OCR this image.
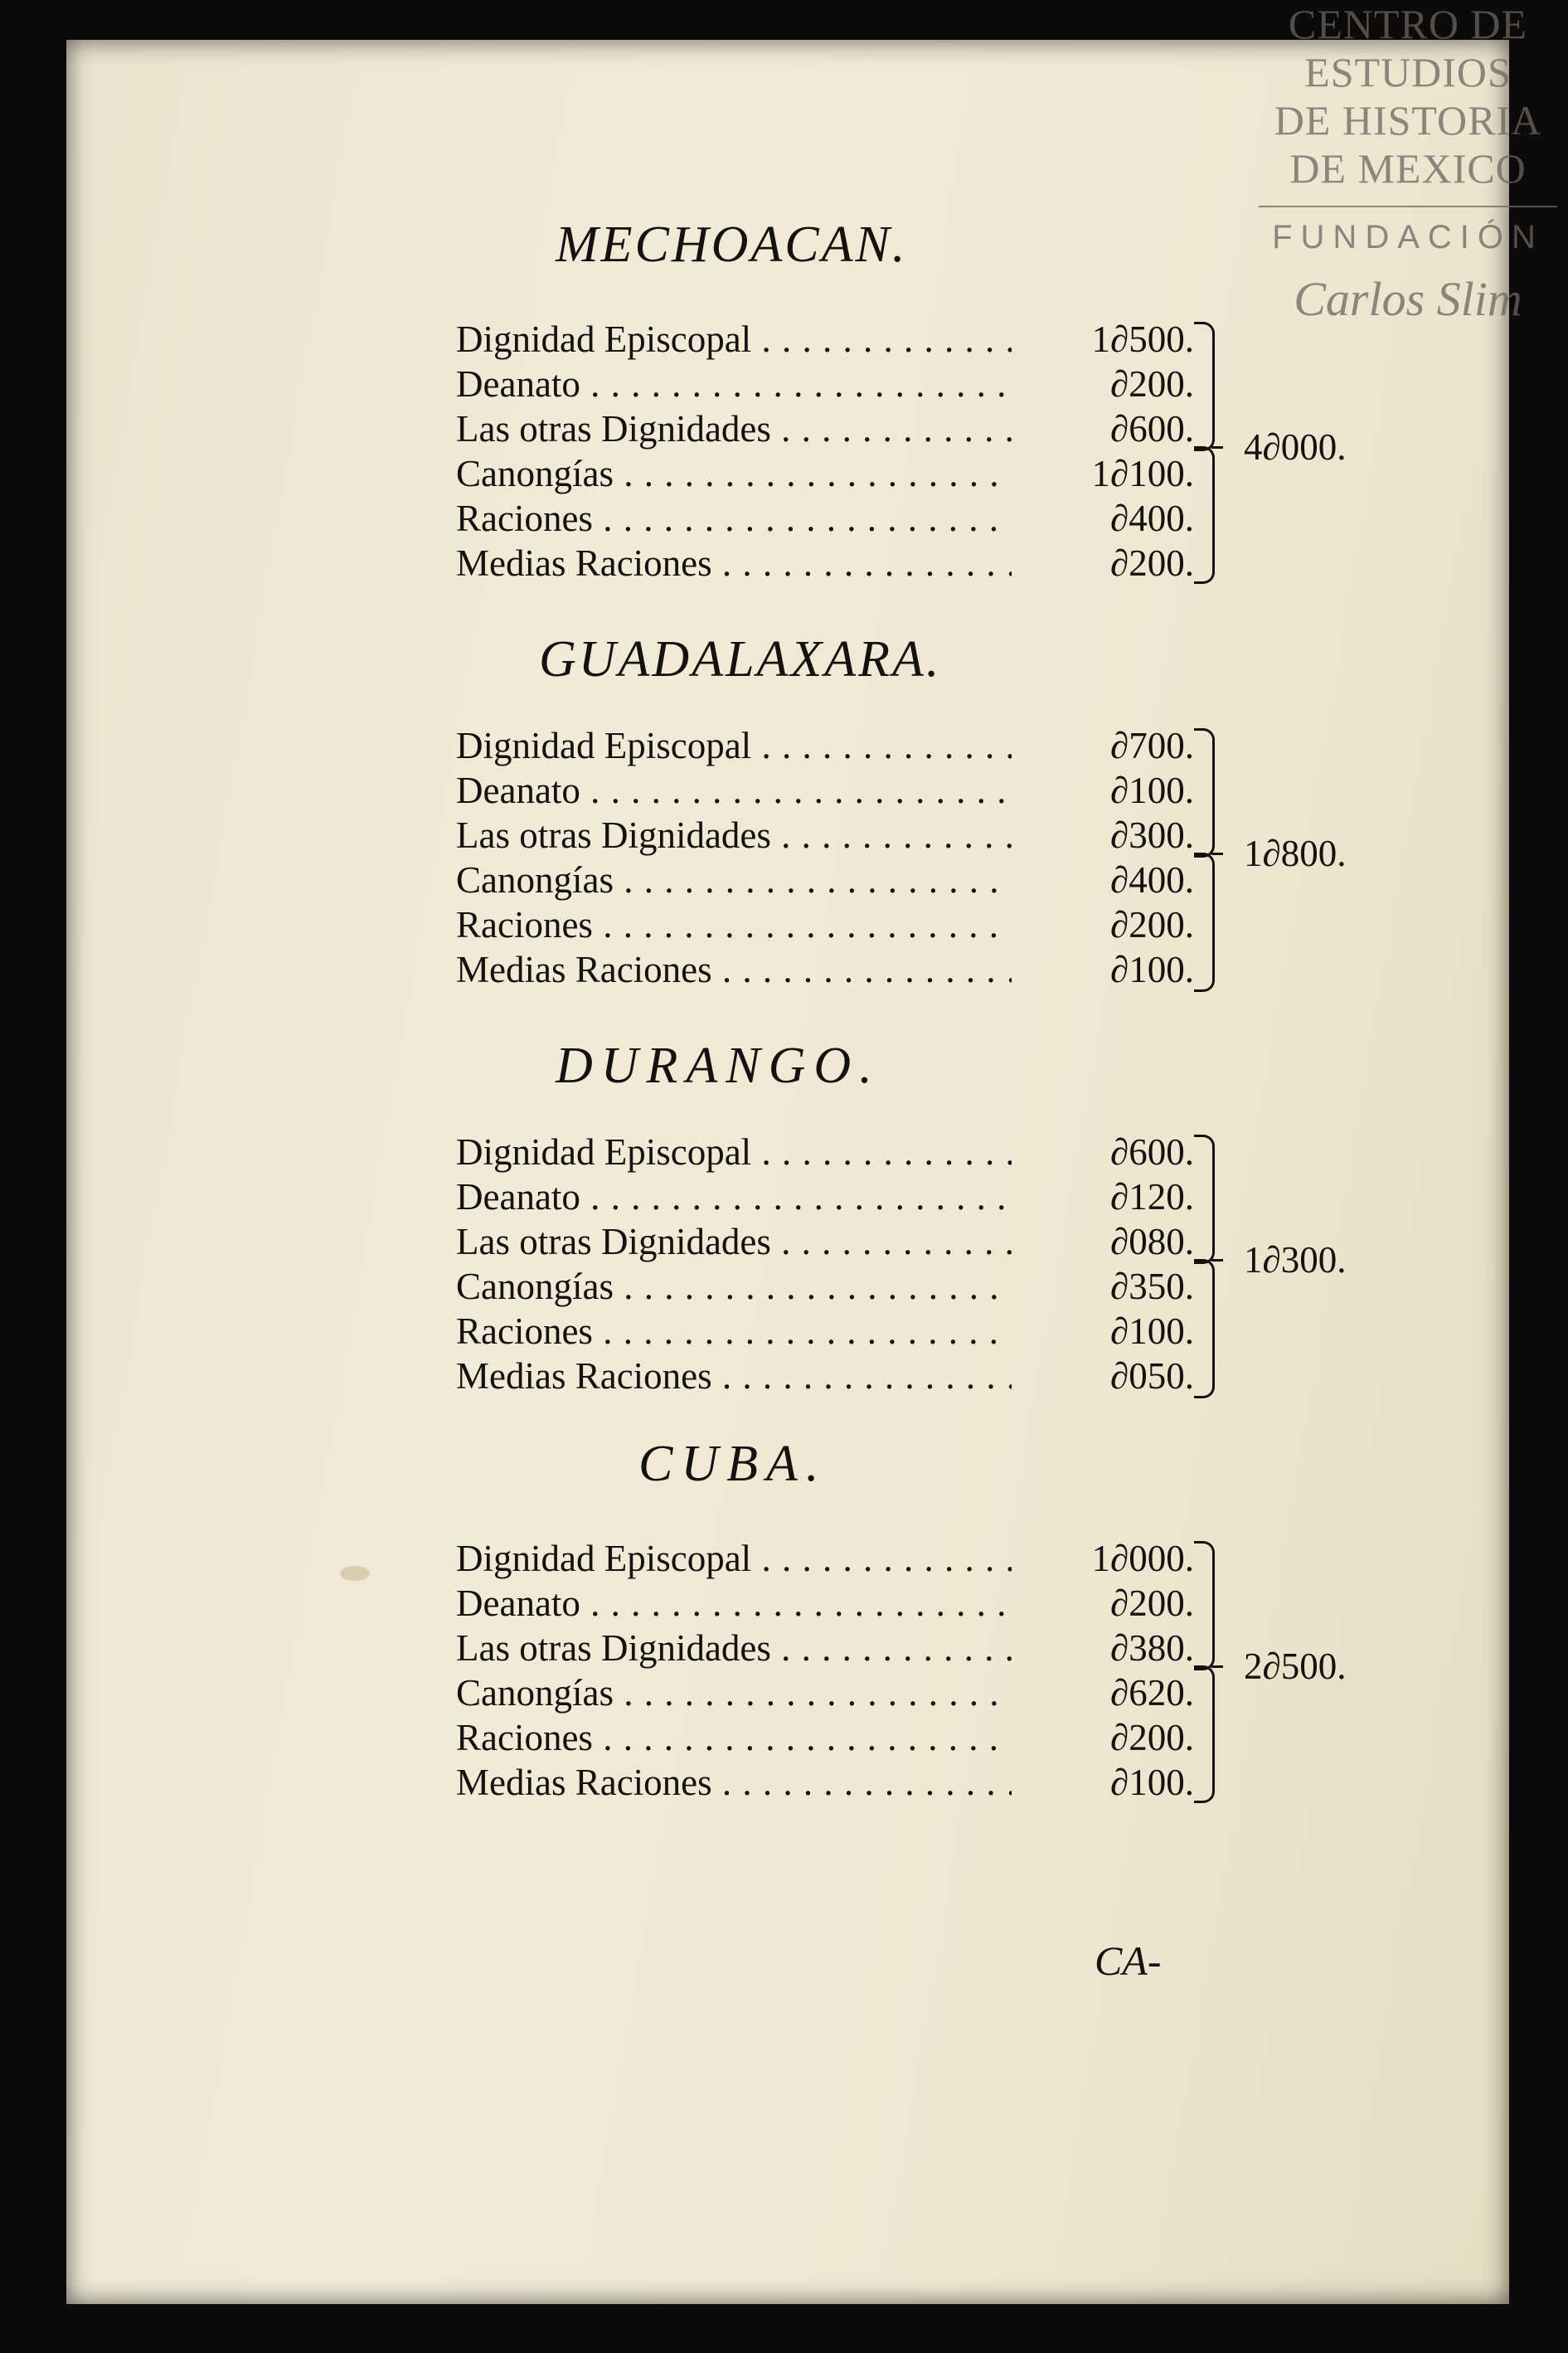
CENTRO DE
ESTUDIOS
DE HISTORIA
DE MEXICO
FUNDACIÓN
Carlos Slim
MECHOACAN.
Dignidad Episcopal . . .	1∂500.
Deanato . . .	∂200.
Las otras Dignidades . . .	∂600.
Canongías . . .	1∂100.
Raciones . . .	∂400.
Medias Raciones . . .	∂200.
4∂000.
GUADALAXARA.
Dignidad Episcopal . . .	∂700.
Deanato . . .	∂100.
Las otras Dignidades . . .	∂300.
Canongías . . .	∂400.
Raciones . . .	∂200.
Medias Raciones . . .	∂100.
1∂800.
DURANGO.
Dignidad Episcopal . . .	∂600.
Deanato . . .	∂120.
Las otras Dignidades . . .	∂080.
Canongías . . .	∂350.
Raciones . . .	∂100.
Medias Raciones . . .	∂050.
1∂300.
CUBA.
Dignidad Episcopal . . .	1∂000.
Deanato . . .	∂200.
Las otras Dignidades . . .	∂380.
Canongías . . .	∂620.
Raciones . . .	∂200.
Medias Raciones . . .	∂100.
2∂500.
CA-
